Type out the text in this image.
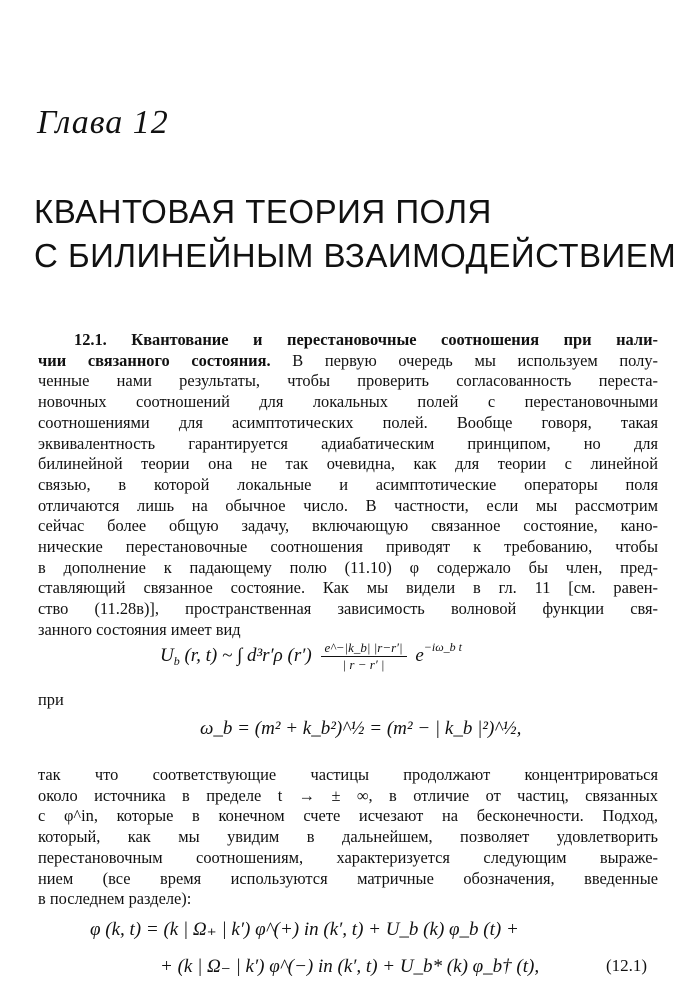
Глава 12
КВАНТОВАЯ ТЕОРИЯ ПОЛЯ
С БИЛИНЕЙНЫМ ВЗАИМОДЕЙСТВИЕМ
12.1. Квантование и перестановочные соотношения при нали-
чии связанного состояния. В первую очередь мы используем полу-
ченные нами результаты, чтобы проверить согласованность переста-
новочных соотношений для локальных полей с перестановочными
соотношениями для асимптотических полей. Вообще говоря, такая
эквивалентность гарантируется адиабатическим принципом, но для
билинейной теории она не так очевидна, как для теории с линейной
связью, в которой локальные и асимптотические операторы поля
отличаются лишь на обычное число. В частности, если мы рассмотрим
сейчас более общую задачу, включающую связанное состояние, кано-
нические перестановочные соотношения приводят к требованию, чтобы
в дополнение к падающему полю (11.10) φ содержало бы член, пред-
ставляющий связанное состояние. Как мы видели в гл. 11 [см. равен-
ство (11.28в)], пространственная зависимость волновой функции свя-
занного состояния имеет вид
$U_b$ (r, t) ~ ∫ d³r′ρ $(r') \frac{e\^{}-|k\_b| |r-r'|}{| r - r' |} e^{-i\omega\_b t}$
при
ω_b = (m² + k_b²)^½ = (m² − | k_b |²)^½,
так что соответствующие частицы продолжают концентрироваться
около источника в пределе t → ± ∞, в отличие от частиц, связанных
с φ^in, которые в конечном счете исчезают на бесконечности. Подход,
который, как мы увидим в дальнейшем, позволяет удовлетворить
перестановочным соотношениям, характеризуется следующим выраже-
нием (все время используются матричные обозначения, введенные
в последнем разделе):
φ (k, t) = (k | Ω₊ | k′) φ^(+) in (k′, t) + U_b (k) φ_b (t) +
+ (k | Ω₋ | k′) φ^(−) in (k′, t) + U_b* (k) φ_b† (t),	(12.1)
